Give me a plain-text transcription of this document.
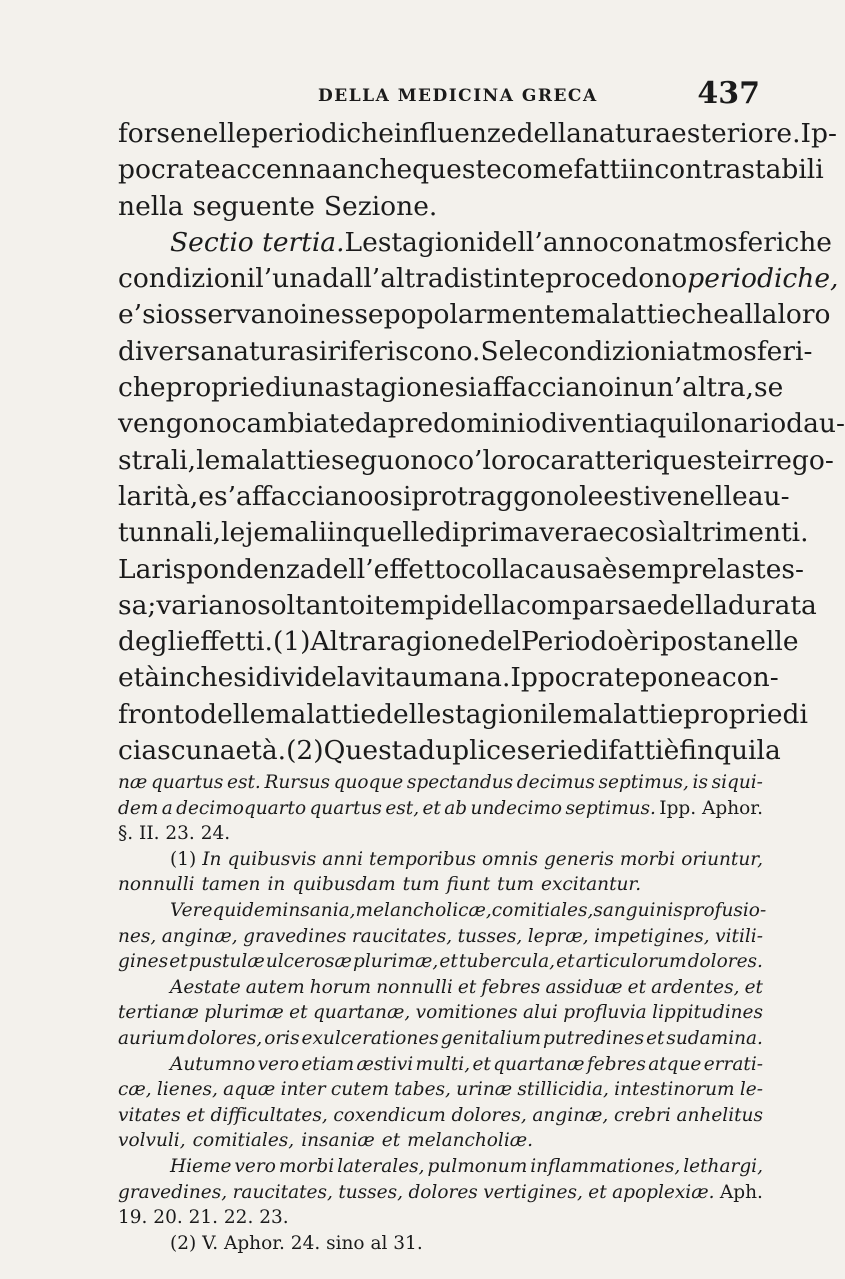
DELLA MEDICINA GRECA	437
forse nelle periodiche influenze della natura esteriore. Ip-
pocrate accenna anche queste come fatti incontrastabili
nella seguente Sezione.
Sectio tertia. Le stagioni dell’ anno con atmosferiche
condizioni l’ una dall’ altra distinte procedono periodiche,
e’ si osservano in esse popolarmente malattie che alla loro
diversa natura si riferiscono. Se le condizioni atmosferi-
che proprie di una stagione si affacciano in un’ altra, se
vengono cambiate da predominio di venti aquilonari od au-
strali, le malattie seguono co’ loro caratteri queste irrego-
larità, e s’ affacciano o si protraggono le estive nelle au-
tunnali, le jemali in quelle di primavera e così altrimenti.
La rispondenza dell’ effetto colla causa è sempre la stes-
sa; variano soltanto i tempi della comparsa e della durata
degli effetti. (1) Altra ragione del Periodo è riposta nelle
età in che si divide la vita umana. Ippocrate pone a con-
fronto delle malattie delle stagioni le malattie proprie di
ciascuna età. (2) Questa duplice serie di fatti è fin qui la
næ quartus est. Rursus quoque spectandus decimus septimus, is siqui-
dem a decimoquarto quartus est, et ab undecimo septimus. Ipp. Aphor.
§. II. 23. 24.
(1) In quibusvis anni temporibus omnis generis morbi oriuntur,
nonnulli tamen in quibusdam tum fiunt tum excitantur.
Vere quidem insania, melancholicæ, comitiales, sanguinis profusio-
nes, anginæ, gravedines raucitates, tusses, lepræ, impetigines, vitili-
gines et pustulæ ulcerosæ plurimæ, et tubercula, et articulorum dolores.
Aestate autem horum nonnulli et febres assiduæ et ardentes, et
tertianæ plurimæ et quartanæ, vomitiones alui profluvia lippitudines
aurium dolores, oris exulcerationes genitalium putredines et sudamina.
Autumno vero etiam æstivi multi, et quartanæ febres atque errati-
cæ, lienes, aquæ inter cutem tabes, urinæ stillicidia, intestinorum le-
vitates et difficultates, coxendicum dolores, anginæ, crebri anhelitus
volvuli, comitiales, insaniæ et melancholiæ.
Hieme vero morbi laterales, pulmonum inflammationes, lethargi,
gravedines, raucitates, tusses, dolores vertigines, et apoplexiæ. Aph.
19. 20. 21. 22. 23.
(2) V. Aphor. 24. sino al 31.
